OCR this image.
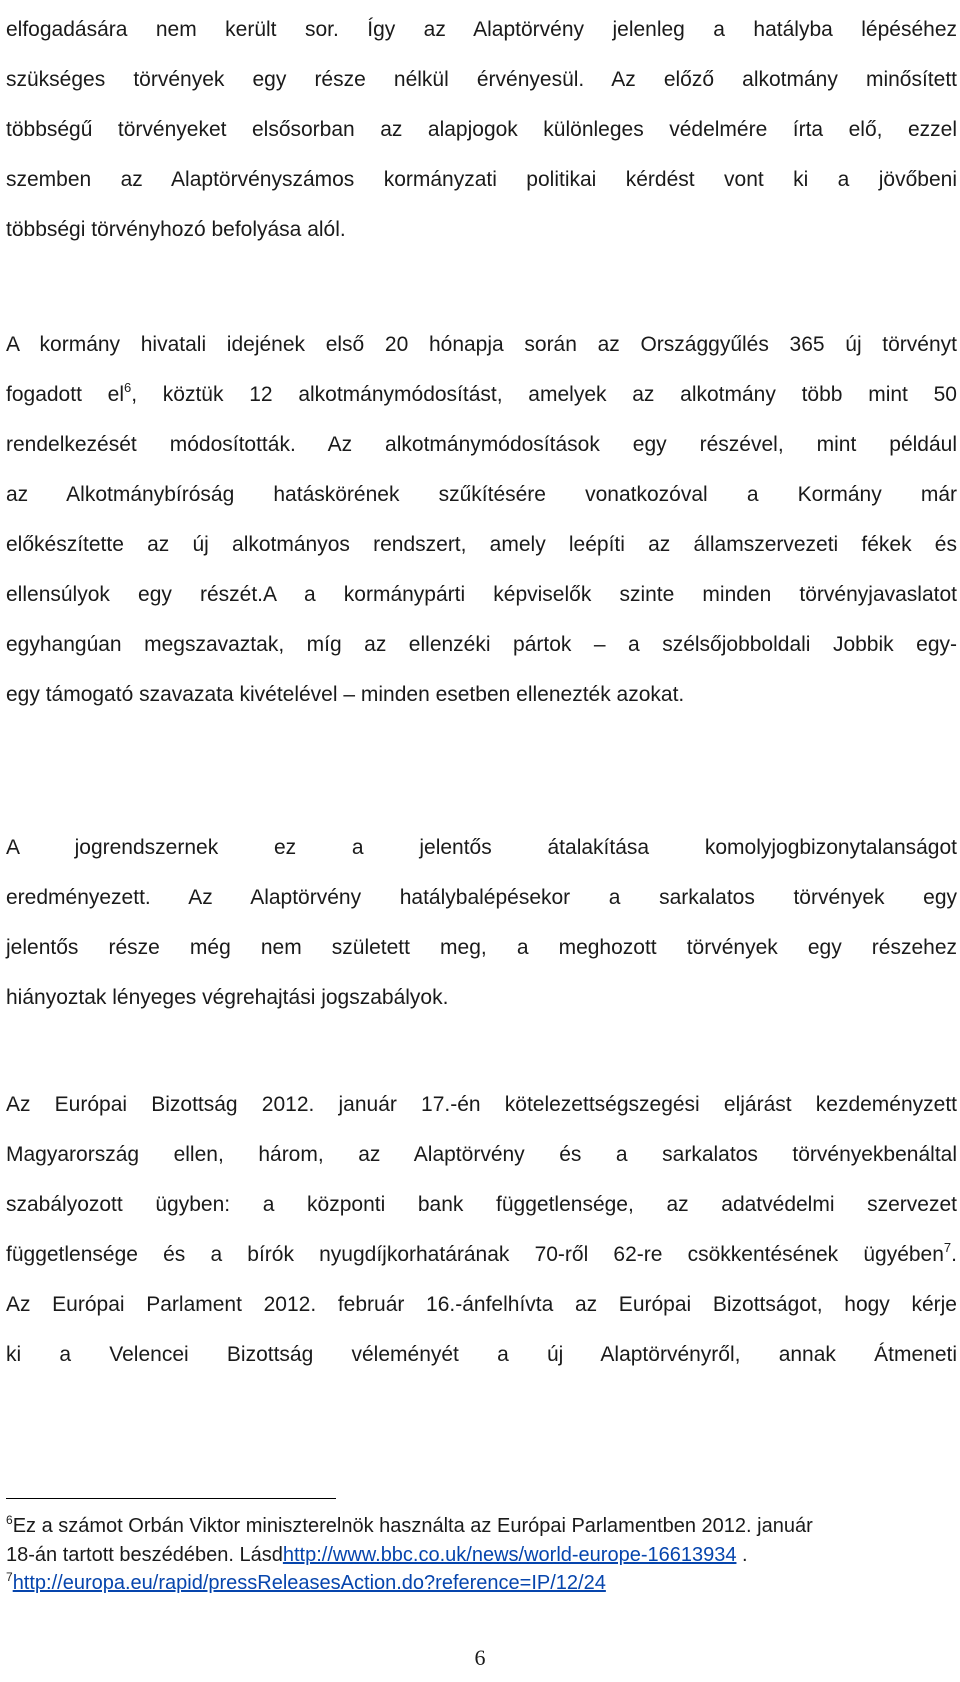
elfogadására nem került sor. Így az Alaptörvény jelenleg a hatályba lépéséhez
szükséges törvények egy része nélkül érvényesül. Az előző alkotmány minősített
többségű törvényeket elsősorban az alapjogok különleges védelmére írta elő, ezzel
szemben az Alaptörvényszámos kormányzati politikai kérdést vont ki a jövőbeni
többségi törvényhozó befolyása alól.
A kormány hivatali idejének első 20 hónapja során az Országgyűlés 365 új törvényt
fogadott $el^6$, köztük 12 alkotmánymódosítást, amelyek az alkotmány több mint 50
rendelkezését módosították. Az alkotmánymódosítások egy részével, mint például
az Alkotmánybíróság hatáskörének szűkítésére vonatkozóval a Kormány már
előkészítette az új alkotmányos rendszert, amely leépíti az államszervezeti fékek és
ellensúlyok egy részét.A a kormánypárti képviselők szinte minden törvényjavaslatot
egyhangúan megszavaztak, míg az ellenzéki pártok – a szélsőjobboldali Jobbik egy-
egy támogató szavazata kivételével – minden esetben ellenezték azokat.
A jogrendszernek ez a jelentős átalakítása komolyjogbizonytalanságot
eredményezett. Az Alaptörvény hatálybalépésekor a sarkalatos törvények egy
jelentős része még nem született meg, a meghozott törvények egy részehez
hiányoztak lényeges végrehajtási jogszabályok.
Az Európai Bizottság 2012. január 17.-én kötelezettségszegési eljárást kezdeményzett
Magyarország ellen, három, az Alaptörvény és a sarkalatos törvényekbenáltal
szabályozott ügyben: a központi bank függetlensége, az adatvédelmi szervezet
függetlensége és a bírók nyugdíjkorhatárának 70-ről 62-re csökkentésének ügyében$^7$.
Az Európai Parlament 2012. február 16.-ánfelhívta az Európai Bizottságot, hogy kérje
ki a Velencei Bizottság véleményét a új Alaptörvényről, annak Átmeneti
$^6$Ez a számot Orbán Viktor miniszterelnök használta az Európai Parlamentben 2012. január
18-án tartott beszédében. Lásdhttp://www.bbc.co.uk/news/world-europe-16613934 .
$^7$http://europa.eu/rapid/pressReleasesAction.do?reference=IP/12/24
6
